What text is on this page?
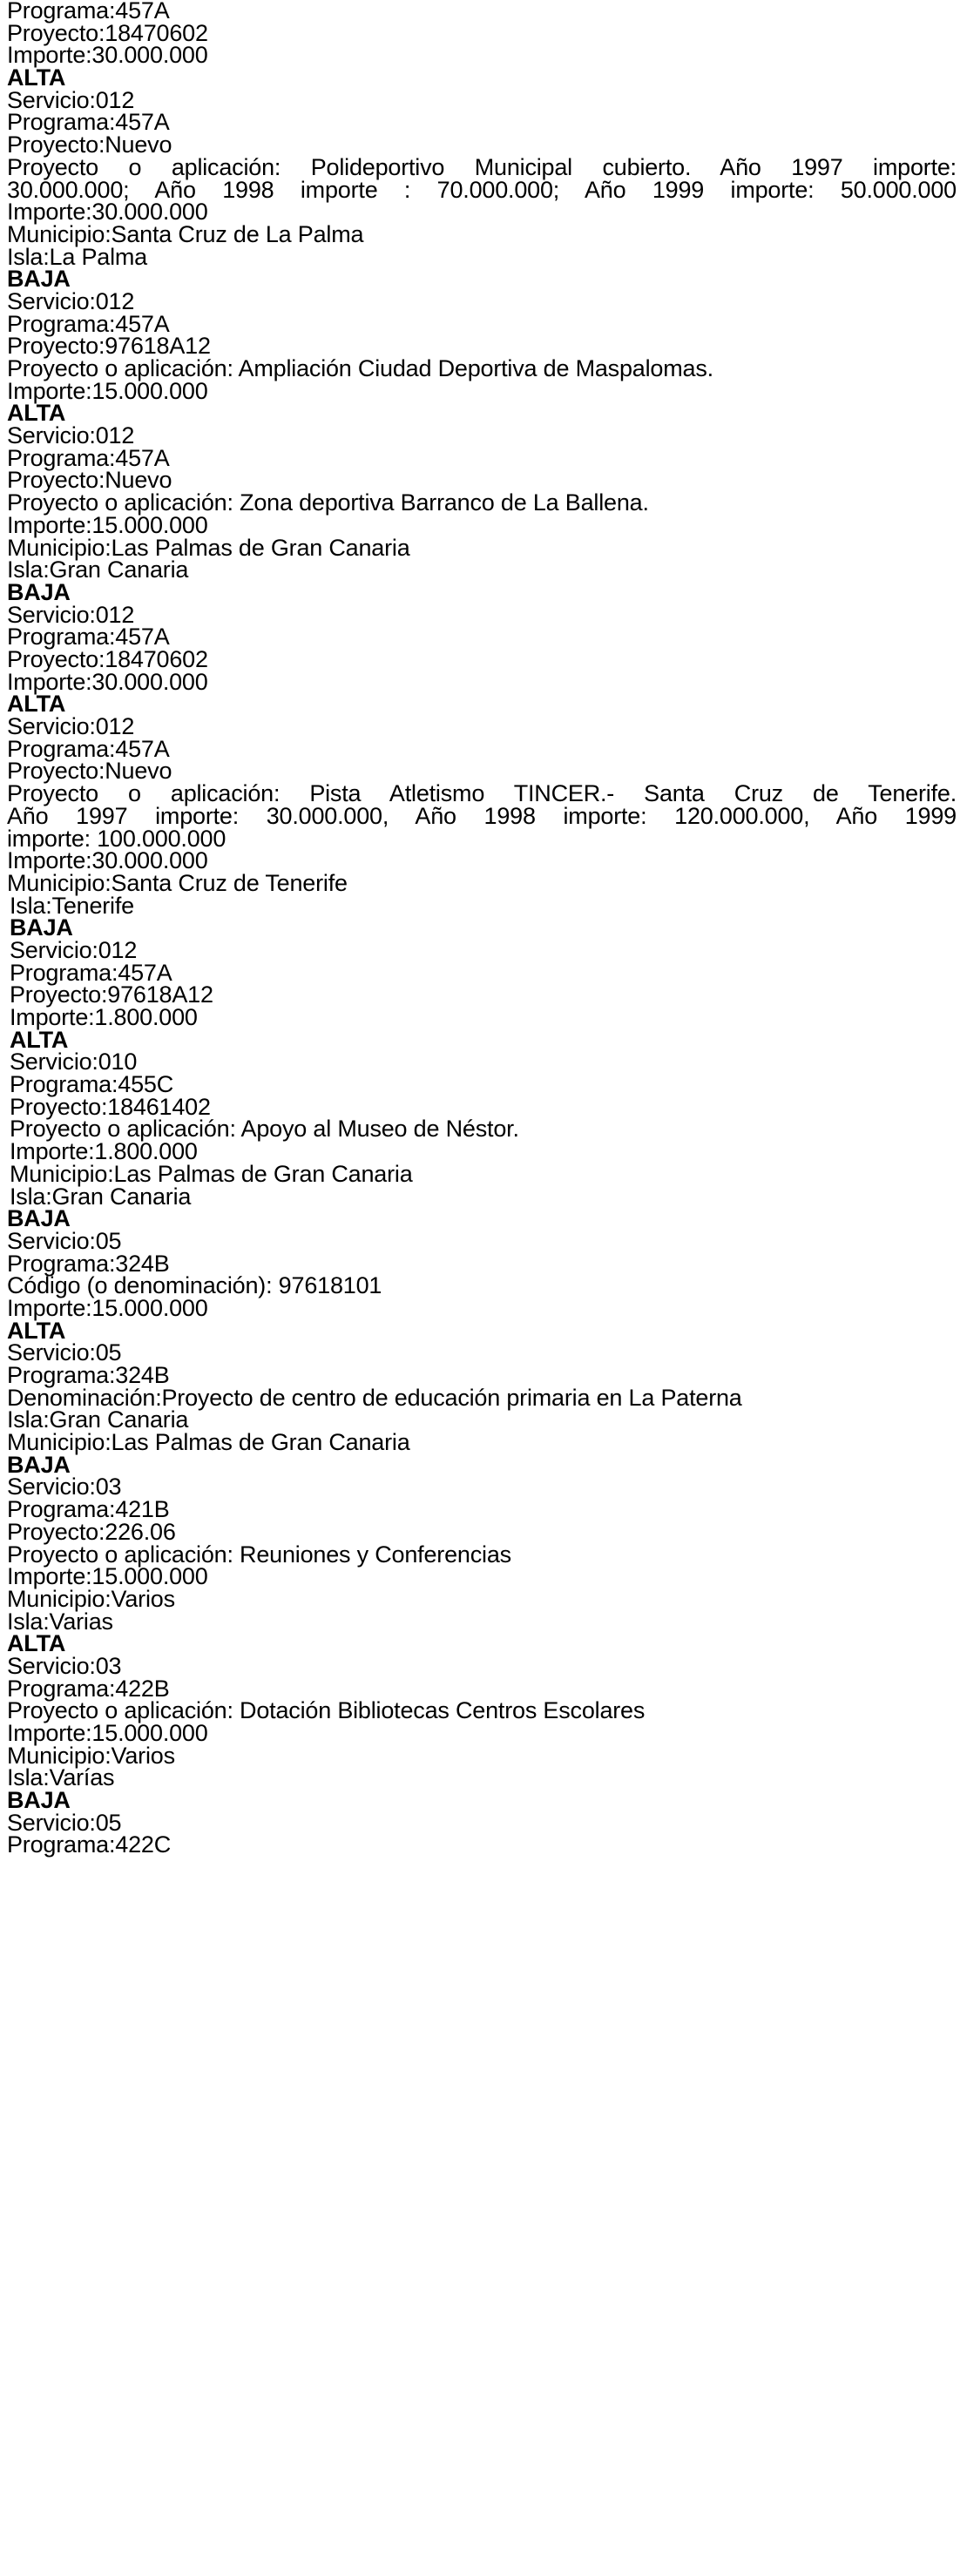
Programa:457A
Proyecto:18470602
Importe:30.000.000
ALTA
Servicio:012
Programa:457A
Proyecto:Nuevo
Proyecto o aplicación: Polideportivo Municipal cubierto. Año 1997 importe:
30.000.000; Año 1998 importe : 70.000.000; Año 1999 importe: 50.000.000
Importe:30.000.000
Municipio:Santa Cruz de La Palma
Isla:La Palma
BAJA
Servicio:012
Programa:457A
Proyecto:97618A12
Proyecto o aplicación: Ampliación Ciudad Deportiva de Maspalomas.
Importe:15.000.000
ALTA
Servicio:012
Programa:457A
Proyecto:Nuevo
Proyecto o aplicación: Zona deportiva Barranco de La Ballena.
Importe:15.000.000
Municipio:Las Palmas de Gran Canaria
Isla:Gran Canaria
BAJA
Servicio:012
Programa:457A
Proyecto:18470602
Importe:30.000.000
ALTA
Servicio:012
Programa:457A
Proyecto:Nuevo
Proyecto o aplicación: Pista Atletismo TINCER.- Santa Cruz de Tenerife.
Año 1997 importe: 30.000.000, Año 1998 importe: 120.000.000, Año 1999
importe: 100.000.000
Importe:30.000.000
Municipio:Santa Cruz de Tenerife
Isla:Tenerife
BAJA
Servicio:012
Programa:457A
Proyecto:97618A12
Importe:1.800.000
ALTA
Servicio:010
Programa:455C
Proyecto:18461402
Proyecto o aplicación: Apoyo al Museo de Néstor.
Importe:1.800.000
Municipio:Las Palmas de Gran Canaria
Isla:Gran Canaria
BAJA
Servicio:05
Programa:324B
Código (o denominación): 97618101
Importe:15.000.000
ALTA
Servicio:05
Programa:324B
Denominación:Proyecto de centro de educación primaria en La Paterna
Isla:Gran Canaria
Municipio:Las Palmas de Gran Canaria
BAJA
Servicio:03
Programa:421B
Proyecto:226.06
Proyecto o aplicación: Reuniones y Conferencias
Importe:15.000.000
Municipio:Varios
Isla:Varias
ALTA
Servicio:03
Programa:422B
Proyecto o aplicación: Dotación Bibliotecas Centros Escolares
Importe:15.000.000
Municipio:Varios
Isla:Varías
BAJA
Servicio:05
Programa:422C
